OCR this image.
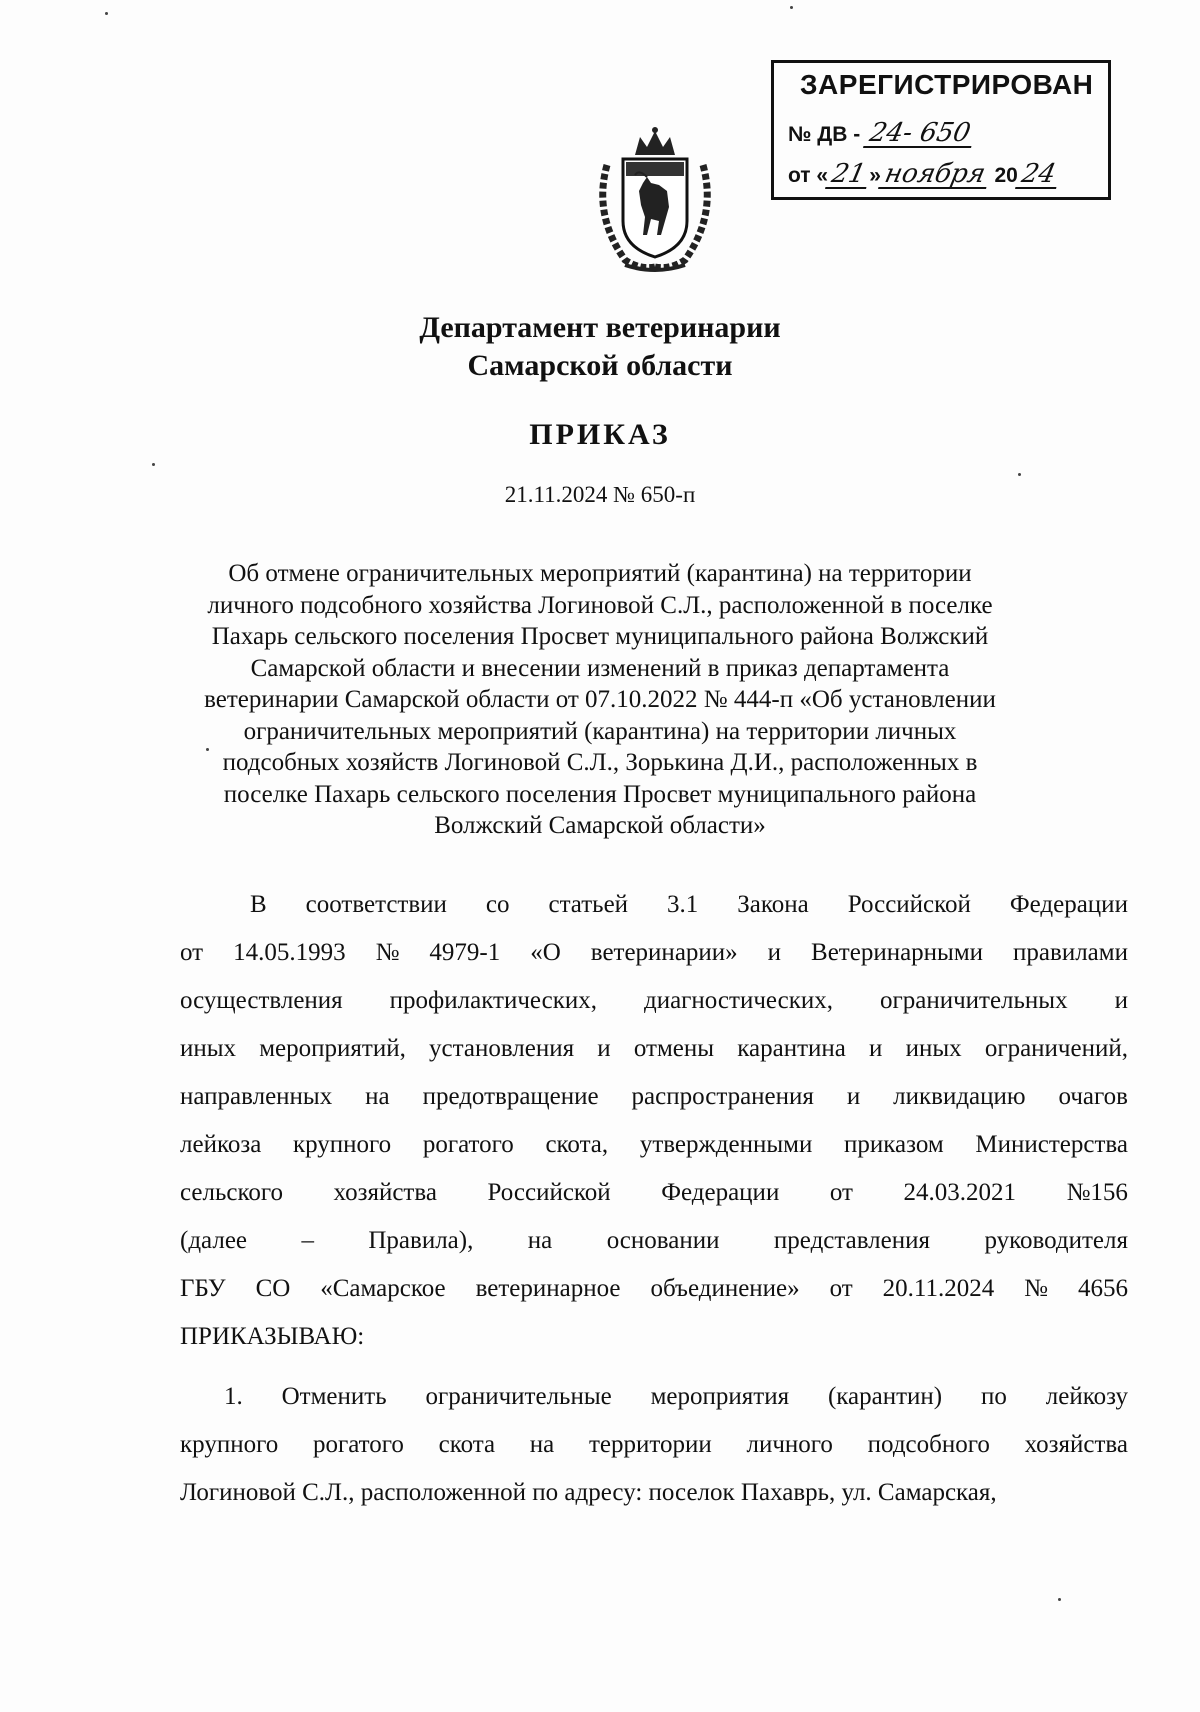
ЗАРЕГИСТРИРОВАН
№ ДВ - 24- 650
от «21»ноября 2024
Департамент ветеринарии
Самарской области
ПРИКАЗ
21.11.2024 № 650-п
Об отмене ограничительных мероприятий (карантина) на территории
личного подсобного хозяйства Логиновой С.Л., расположенной в поселке
Пахарь сельского поселения Просвет муниципального района Волжский
Самарской области и внесении изменений в приказ департамента
ветеринарии Самарской области от 07.10.2022 № 444-п «Об установлении
ограничительных мероприятий (карантина) на территории личных
подсобных хозяйств Логиновой С.Л., Зорькина Д.И., расположенных в
поселке Пахарь сельского поселения Просвет муниципального района
Волжский Самарской области»
В соответствии со статьей 3.1 Закона Российской Федерации
от 14.05.1993 № 4979-1 «О ветеринарии» и Ветеринарными правилами
осуществления профилактических, диагностических, ограничительных и
иных мероприятий, установления и отмены карантина и иных ограничений,
направленных на предотвращение распространения и ликвидацию очагов
лейкоза крупного рогатого скота, утвержденными приказом Министерства
сельского хозяйства Российской Федерации от 24.03.2021 №156
(далее – Правила), на основании представления руководителя
ГБУ СО «Самарское ветеринарное объединение» от 20.11.2024 № 4656
ПРИКАЗЫВАЮ:
1. Отменить ограничительные мероприятия (карантин) по лейкозу
крупного рогатого скота на территории личного подсобного хозяйства
Логиновой С.Л., расположенной по адресу: поселок Пахаврь, ул. Самарская,
